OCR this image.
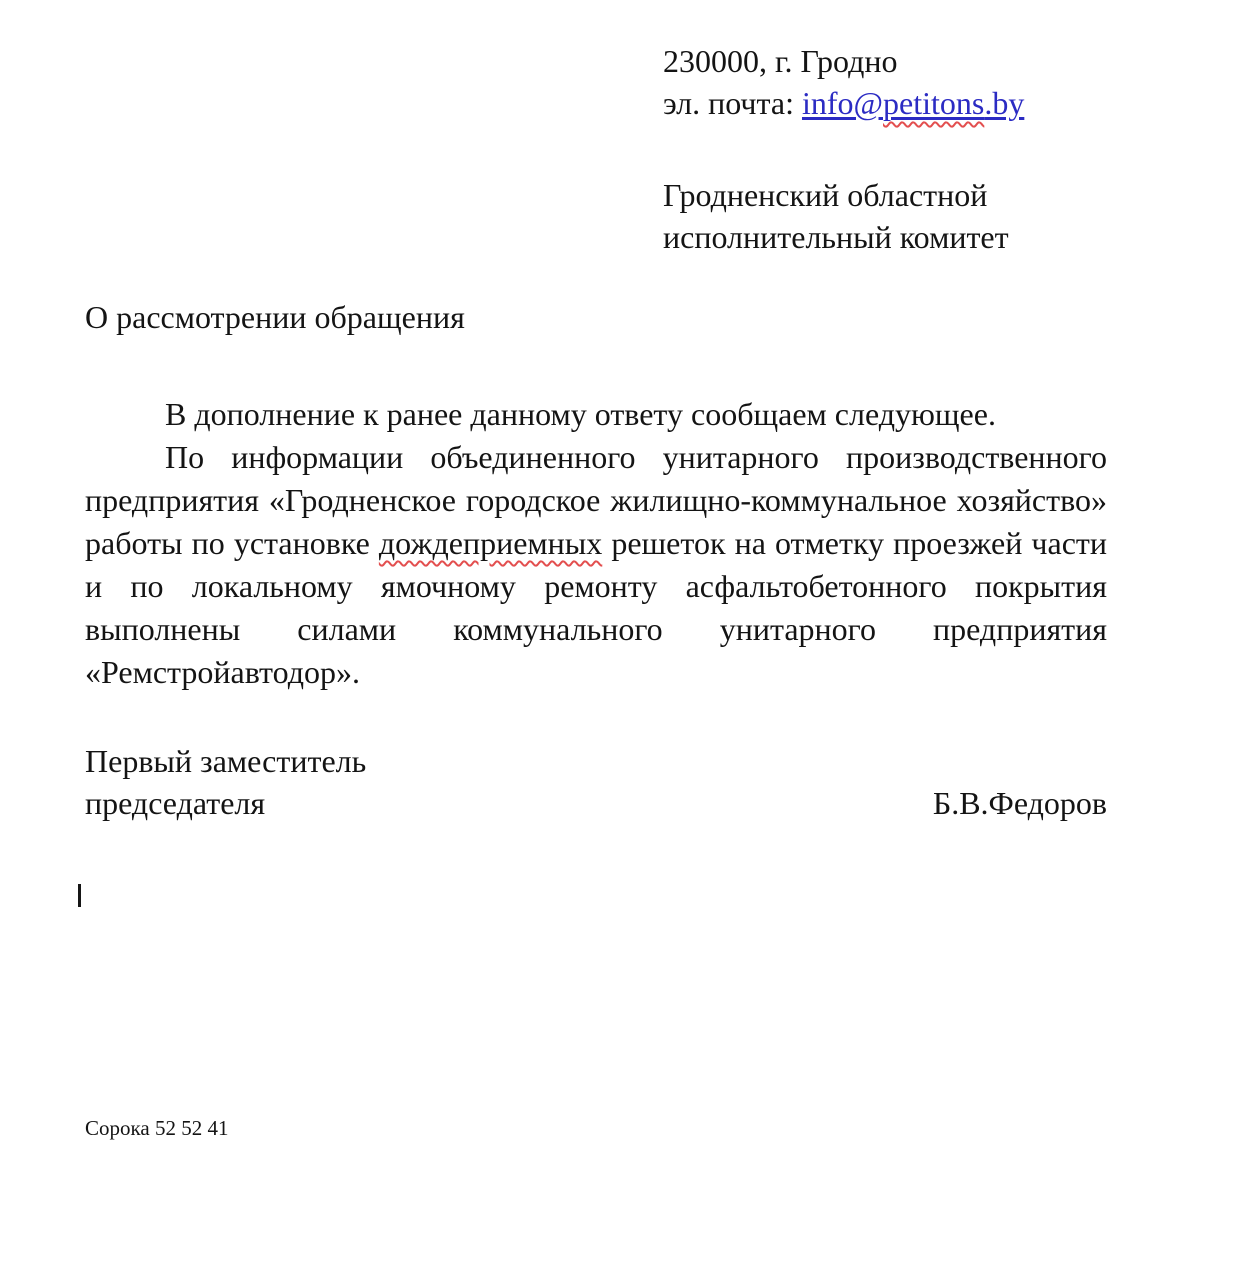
230000, г. Гродно
эл. почта: info@petitons.by
Гродненский областной
исполнительный комитет
О рассмотрении обращения

В дополнение к ранее данному ответу сообщаем следующее.

По информации объединенного унитарного производственного предприятия «Гродненское городское жилищно-коммунальное хозяйство» работы по установке дождеприемных решеток на отметку проезжей части и по локальному ямочному ремонту асфальтобетонного покрытия выполнены силами коммунального унитарного предприятия «Ремстройавтодор».

Первый заместитель
председателя	Б.В.Федоров
Сорока 52 52 41
